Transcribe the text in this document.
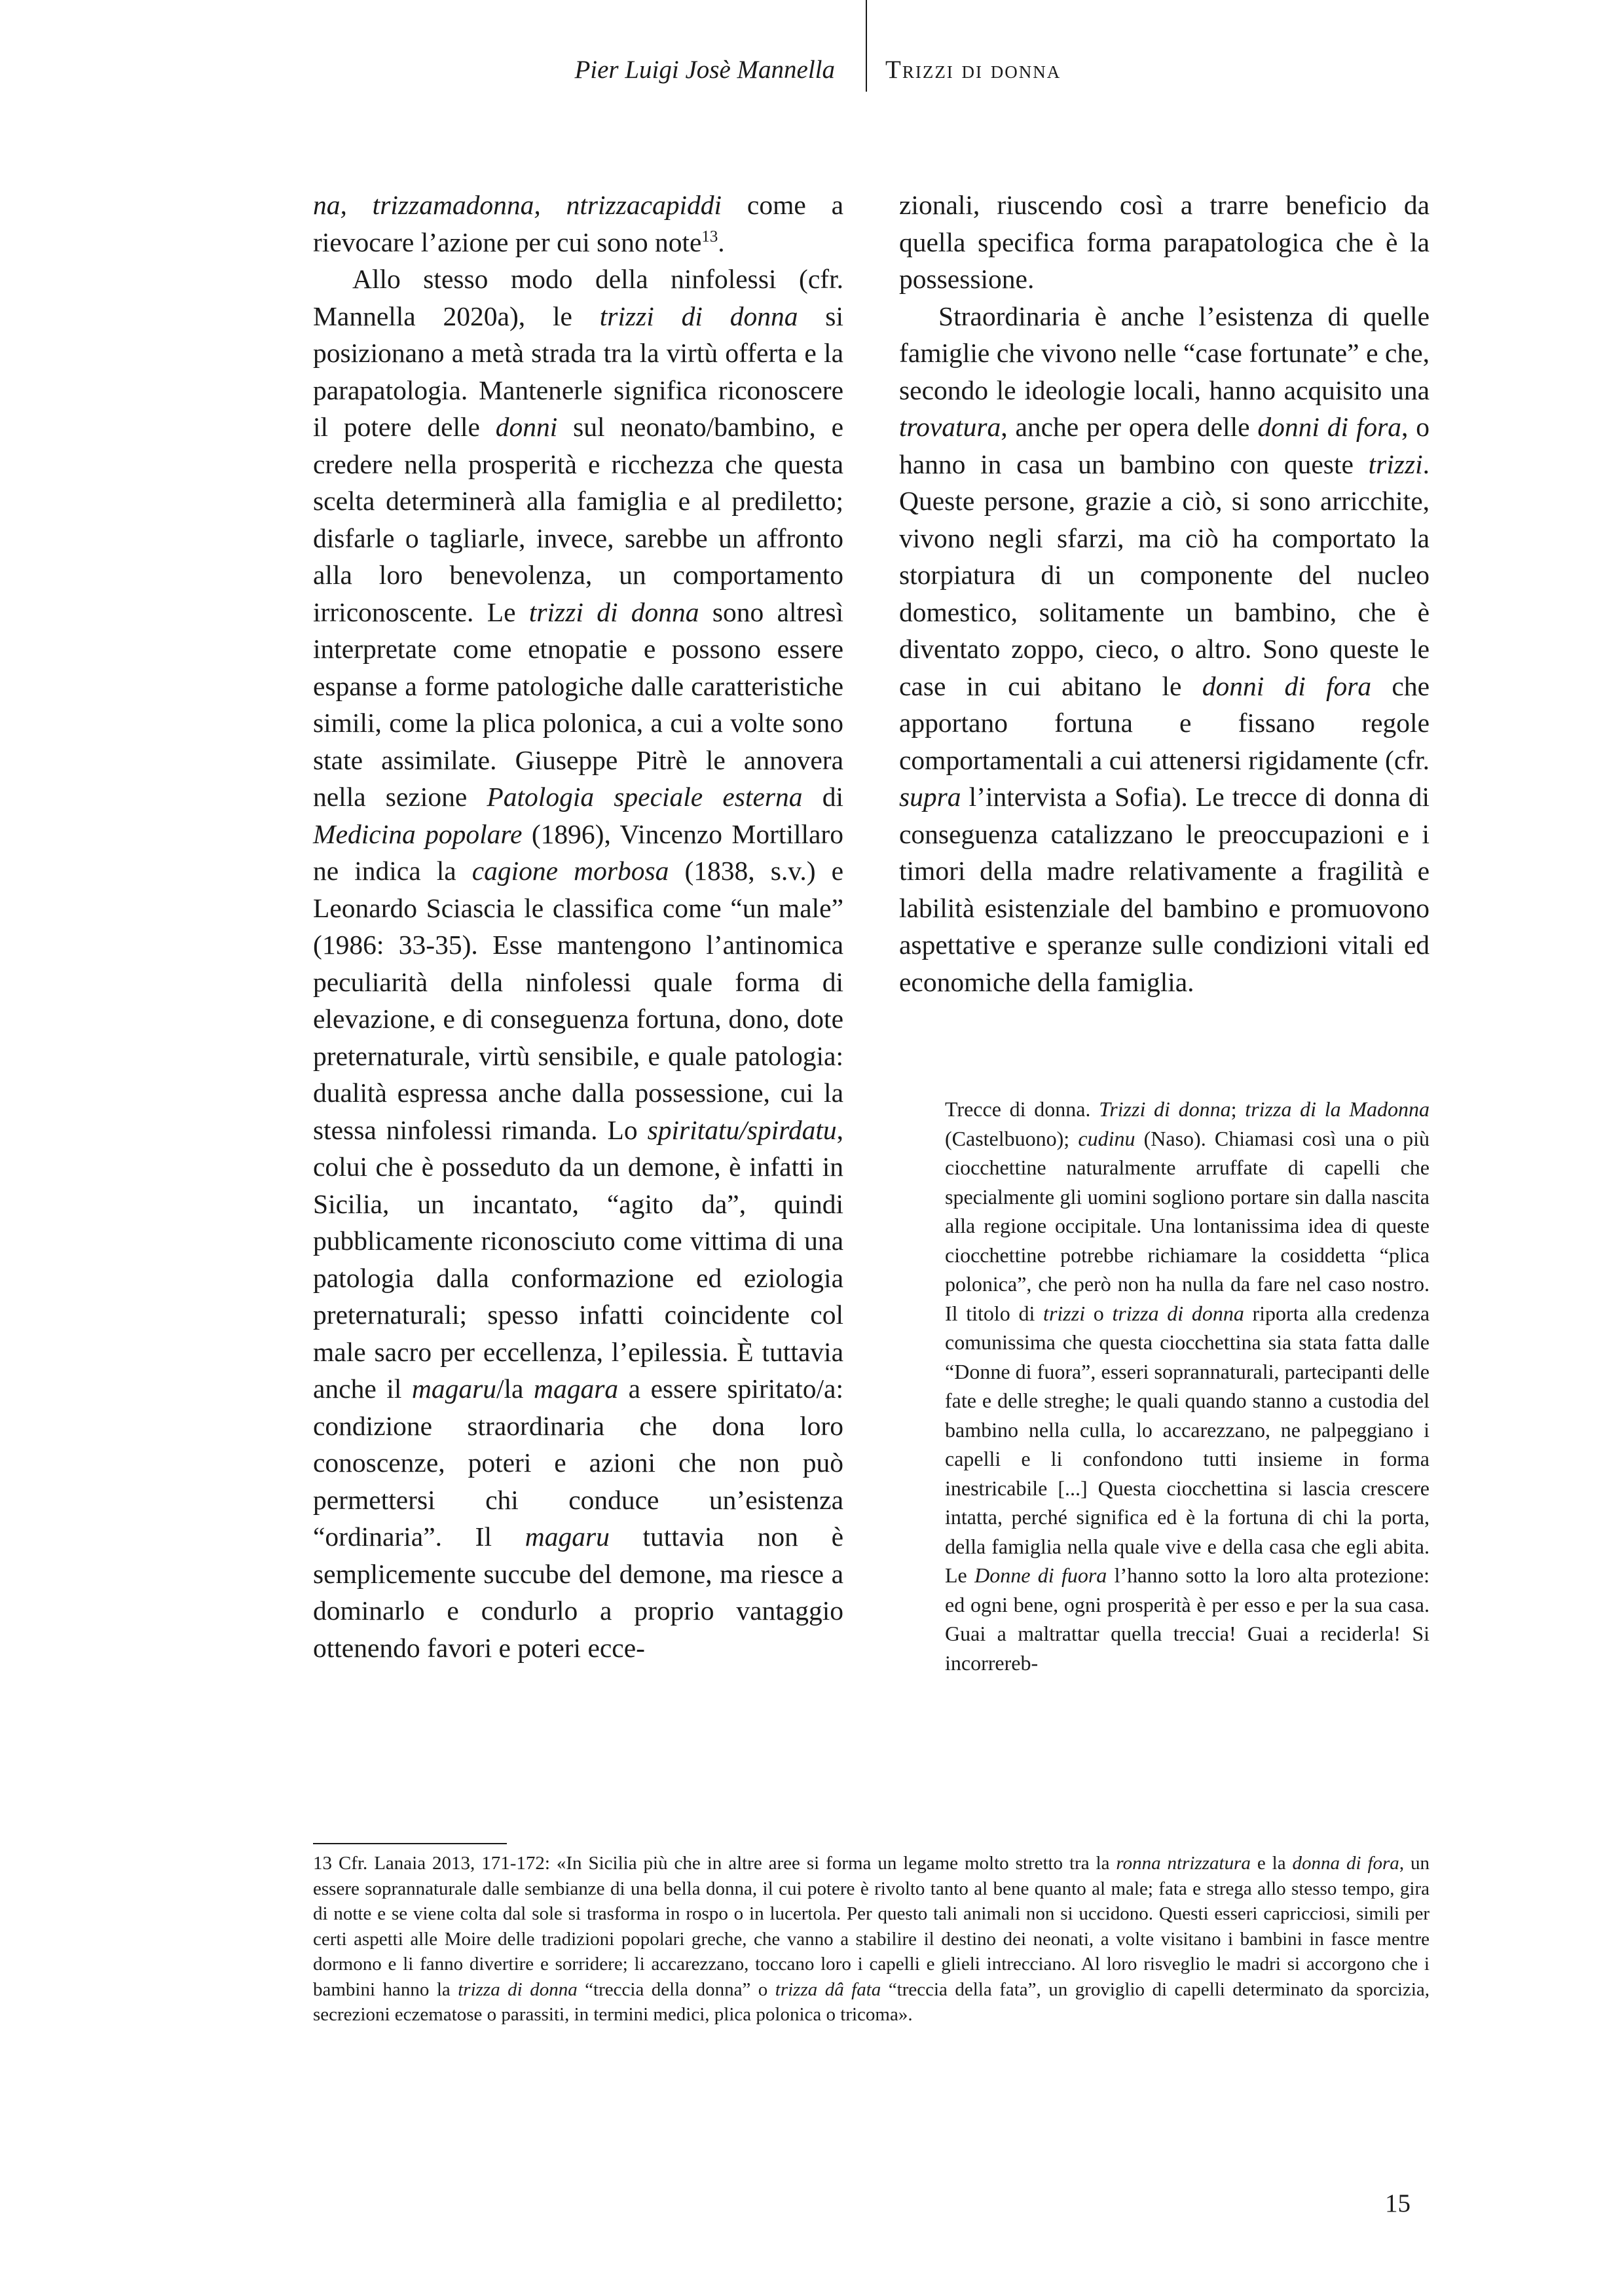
Pier Luigi Josè Mannella Trizzi di donna

na, trizzamadonna, ntrizzacapiddi come a rievocare l’azione per cui sono note$^{13}$.

Allo stesso modo della ninfolessi (cfr. Mannella 2020a), le trizzi di donna si posizionano a metà strada tra la virtù offerta e la parapatologia. Mantenerle significa riconoscere il potere delle donni sul neonato/bambino, e credere nella prosperità e ricchezza che questa scelta determinerà alla famiglia e al prediletto; disfarle o tagliarle, invece, sarebbe un affronto alla loro benevolenza, un comportamento irriconoscente. Le trizzi di donna sono altresì interpretate come etnopatie e possono essere espanse a forme patologiche dalle caratteristiche simili, come la plica polonica, a cui a volte sono state assimilate. Giuseppe Pitrè le annovera nella sezione Patologia speciale esterna di Medicina popolare (1896), Vincenzo Mortillaro ne indica la cagione morbosa (1838, s.v.) e Leonardo Sciascia le classifica come “un male” (1986: 33-35). Esse mantengono l’antinomica peculiarità della ninfolessi quale forma di elevazione, e di conseguenza fortuna, dono, dote preternaturale, virtù sensibile, e quale patologia: dualità espressa anche dalla possessione, cui la stessa ninfolessi rimanda. Lo spiritatu/spirdatu, colui che è posseduto da un demone, è infatti in Sicilia, un incantato, “agito da”, quindi pubblicamente riconosciuto come vittima di una patologia dalla conformazione ed eziologia preternaturali; spesso infatti coincidente col male sacro per eccellenza, l’epilessia. È tuttavia anche il magaru/la magara a essere spiritato/a: condizione straordinaria che dona loro conoscenze, poteri e azioni che non può permettersi chi conduce un’esistenza “ordinaria”. Il magaru tuttavia non è semplicemente succube del demone, ma riesce a dominarlo e condurlo a proprio vantaggio ottenendo favori e poteri ecce-

zionali, riuscendo così a trarre beneficio da quella specifica forma parapatologica che è la possessione.

Straordinaria è anche l’esistenza di quelle famiglie che vivono nelle “case fortunate” e che, secondo le ideologie locali, hanno acquisito una trovatura, anche per opera delle donni di fora, o hanno in casa un bambino con queste trizzi. Queste persone, grazie a ciò, si sono arricchite, vivono negli sfarzi, ma ciò ha comportato la storpiatura di un componente del nucleo domestico, solitamente un bambino, che è diventato zoppo, cieco, o altro. Sono queste le case in cui abitano le donni di fora che apportano fortuna e fissano regole comportamentali a cui attenersi rigidamente (cfr. supra l’intervista a Sofia). Le trecce di donna di conseguenza catalizzano le preoccupazioni e i timori della madre relativamente a fragilità e labilità esistenziale del bambino e promuovono aspettative e speranze sulle condizioni vitali ed economiche della famiglia.

Trecce di donna. Trizzi di donna; trizza di la Madonna (Castelbuono); cudinu (Naso). Chiamasi così una o più ciocchettine naturalmente arruffate di capelli che specialmente gli uomini sogliono portare sin dalla nascita alla regione occipitale. Una lontanissima idea di queste ciocchettine potrebbe richiamare la cosiddetta “plica polonica”, che però non ha nulla da fare nel caso nostro. Il titolo di trizzi o trizza di donna riporta alla credenza comunissima che questa ciocchettina sia stata fatta dalle “Donne di fuora”, esseri soprannaturali, partecipanti delle fate e delle streghe; le quali quando stanno a custodia del bambino nella culla, lo accarezzano, ne palpeggiano i capelli e li confondono tutti insieme in forma inestricabile [...] Questa ciocchettina si lascia crescere intatta, perché significa ed è la fortuna di chi la porta, della famiglia nella quale vive e della casa che egli abita. Le Donne di fuora l’hanno sotto la loro alta protezione: ed ogni bene, ogni prosperità è per esso e per la sua casa. Guai a maltrattar quella treccia! Guai a reciderla! Si incorrereb-
13 Cfr. Lanaia 2013, 171-172: «In Sicilia più che in altre aree si forma un legame molto stretto tra la ronna ntrizzatura e la donna di fora, un essere soprannaturale dalle sembianze di una bella donna, il cui potere è rivolto tanto al bene quanto al male; fata e strega allo stesso tempo, gira di notte e se viene colta dal sole si trasforma in rospo o in lucertola. Per questo tali animali non si uccidono. Questi esseri capricciosi, simili per certi aspetti alle Moire delle tradizioni popolari greche, che vanno a stabilire il destino dei neonati, a volte visitano i bambini in fasce mentre dormono e li fanno divertire e sorridere; li accarezzano, toccano loro i capelli e glieli intrecciano. Al loro risveglio le madri si accorgono che i bambini hanno la trizza di donna “treccia della donna” o trizza dâ fata “treccia della fata”, un groviglio di capelli determinato da sporcizia, secrezioni eczematose o parassiti, in termini medici, plica polonica o tricoma».
15
